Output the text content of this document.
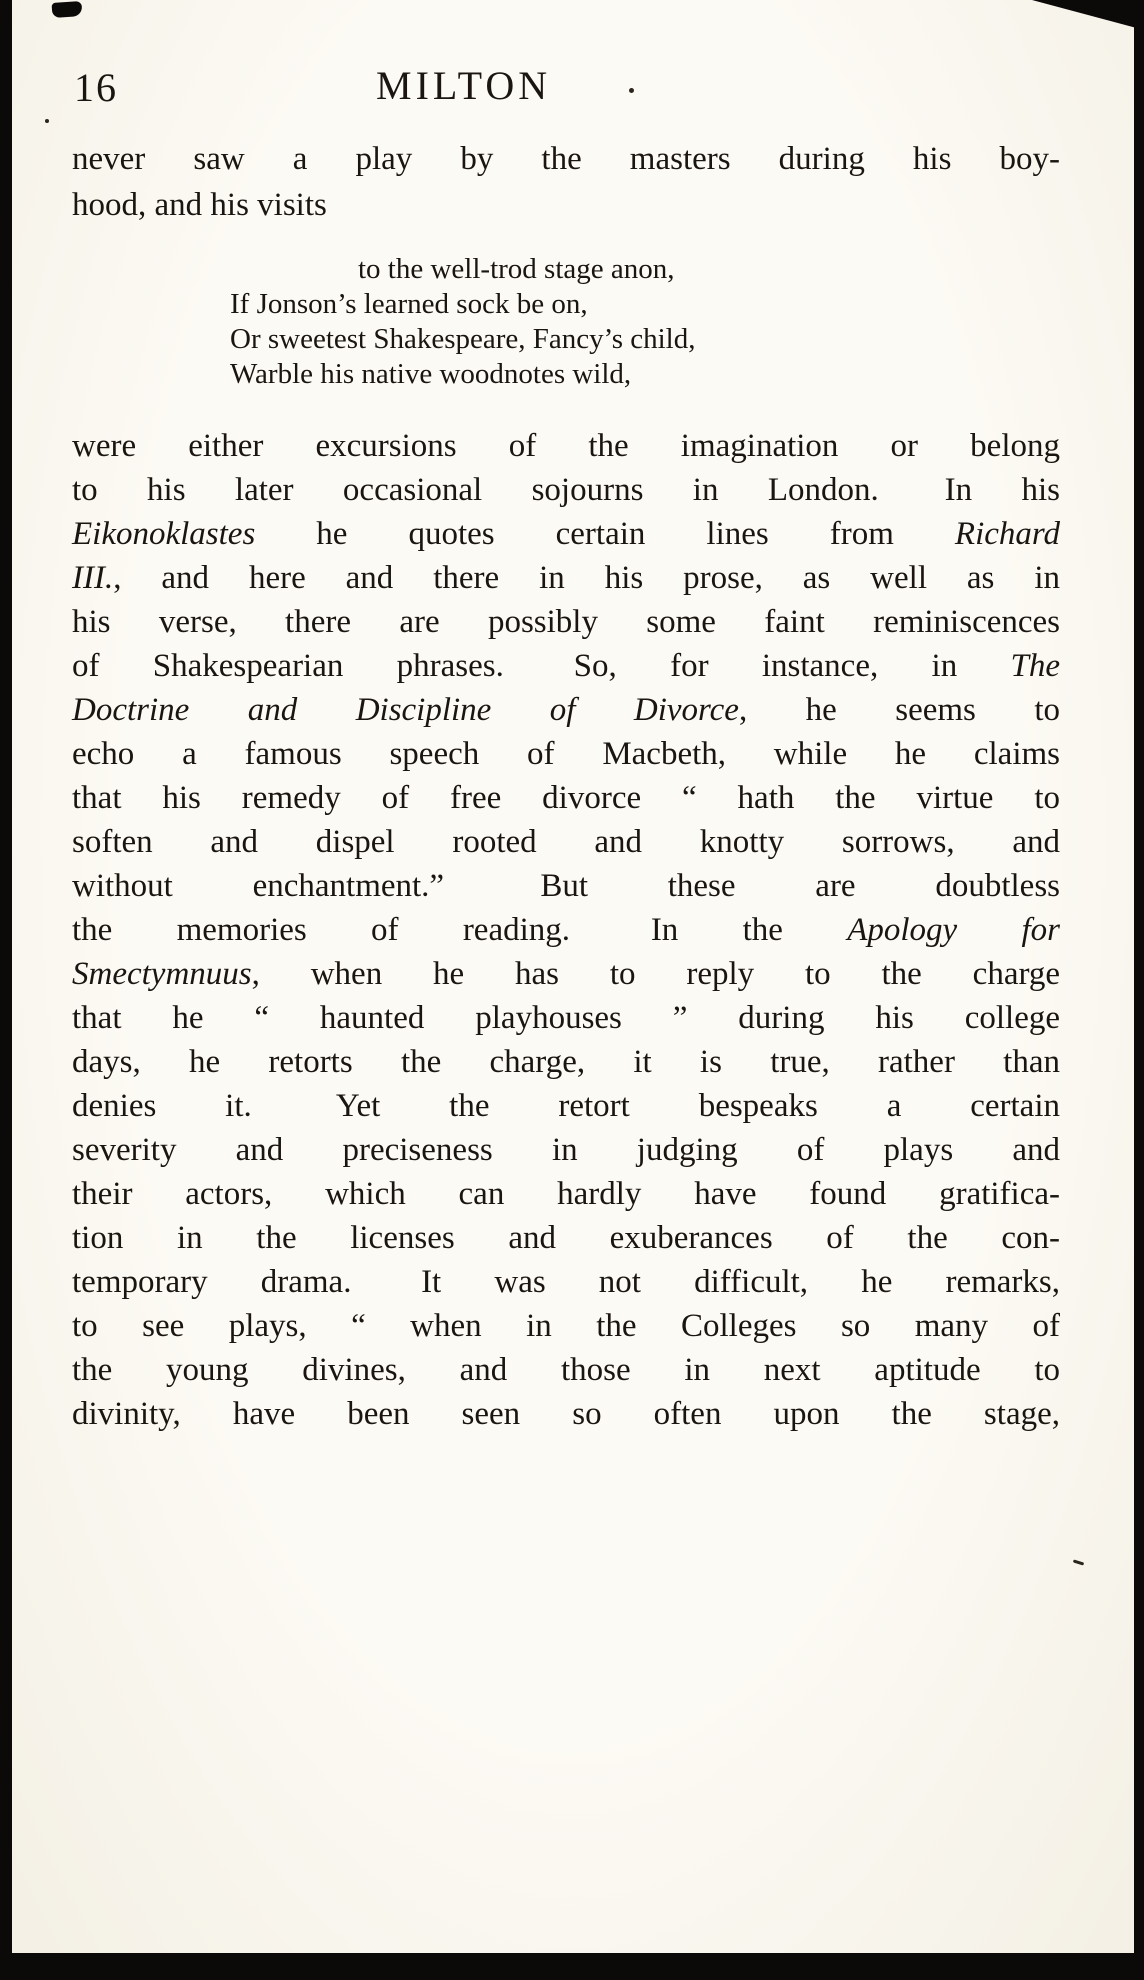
16	MILTON
never saw a play by the masters during his boy-
hood, and his visits
to the well-trod stage anon,
If Jonson’s learned sock be on,
Or sweetest Shakespeare, Fancy’s child,
Warble his native woodnotes wild,
were either excursions of the imagination or belong
to his later occasional sojourns in London.  In his
Eikonoklastes he quotes certain lines from Richard
III., and here and there in his prose, as well as in
his verse, there are possibly some faint reminiscences
of Shakespearian phrases.  So, for instance, in The
Doctrine and Discipline of Divorce, he seems to
echo a famous speech of Macbeth, while he claims
that his remedy of free divorce “ hath the virtue to
soften and dispel rooted and knotty sorrows, and
without enchantment.”  But these are doubtless
the memories of reading.  In the Apology for
Smectymnuus, when he has to reply to the charge
that he “ haunted playhouses ” during his college
days, he retorts the charge, it is true, rather than
denies it.  Yet the retort bespeaks a certain
severity and preciseness in judging of plays and
their actors, which can hardly have found gratifica-
tion in the licenses and exuberances of the con-
temporary drama.  It was not difficult, he remarks,
to see plays, “ when in the Colleges so many of
the young divines, and those in next aptitude to
divinity, have been seen so often upon the stage,
